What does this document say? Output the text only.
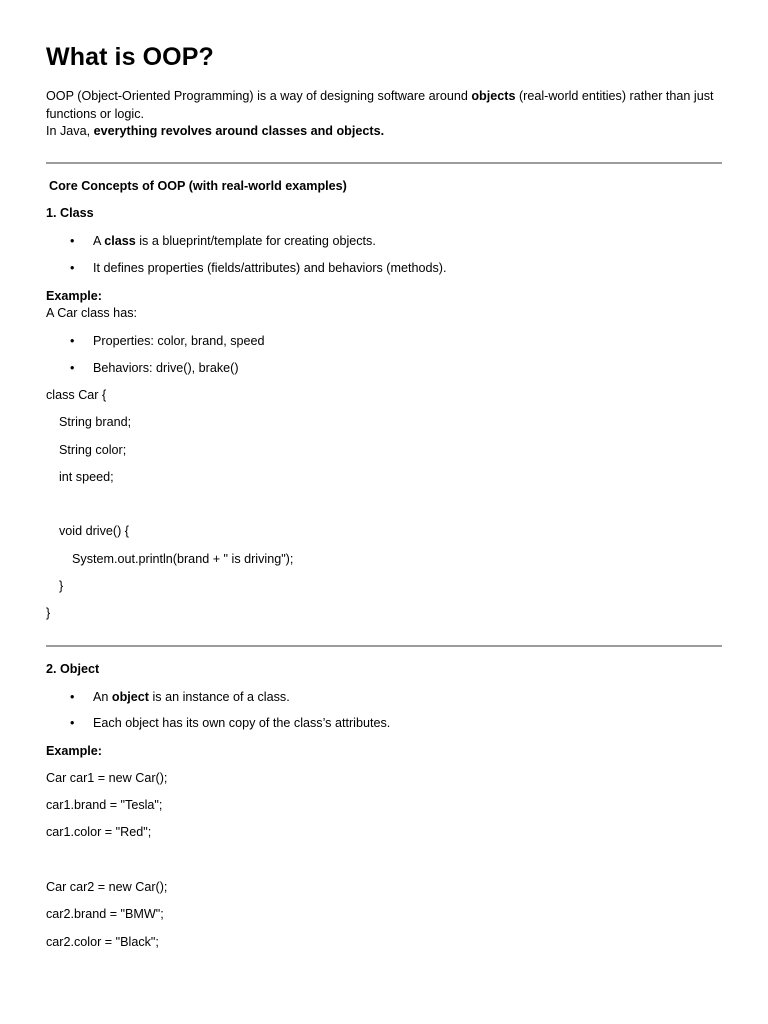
What is OOP?

OOP (Object-Oriented Programming) is a way of designing software around objects (real-world entities) rather than just functions or logic.

In Java, everything revolves around classes and objects.

Core Concepts of OOP (with real-world examples)
1. Class
• A class is a blueprint/template for creating objects.
• It defines properties (fields/attributes) and behaviors (methods).
Example:
A Car class has:
• Properties: color, brand, speed
• Behaviors: drive(), brake()
class Car {
String brand;
String color;
int speed;
void drive() {
System.out.println(brand + " is driving");
}
}
2. Object
• An object is an instance of a class.
• Each object has its own copy of the class’s attributes.
Example:
Car car1 = new Car();
car1.brand = "Tesla";
car1.color = "Red";
Car car2 = new Car();
car2.brand = "BMW";
car2.color = "Black";
